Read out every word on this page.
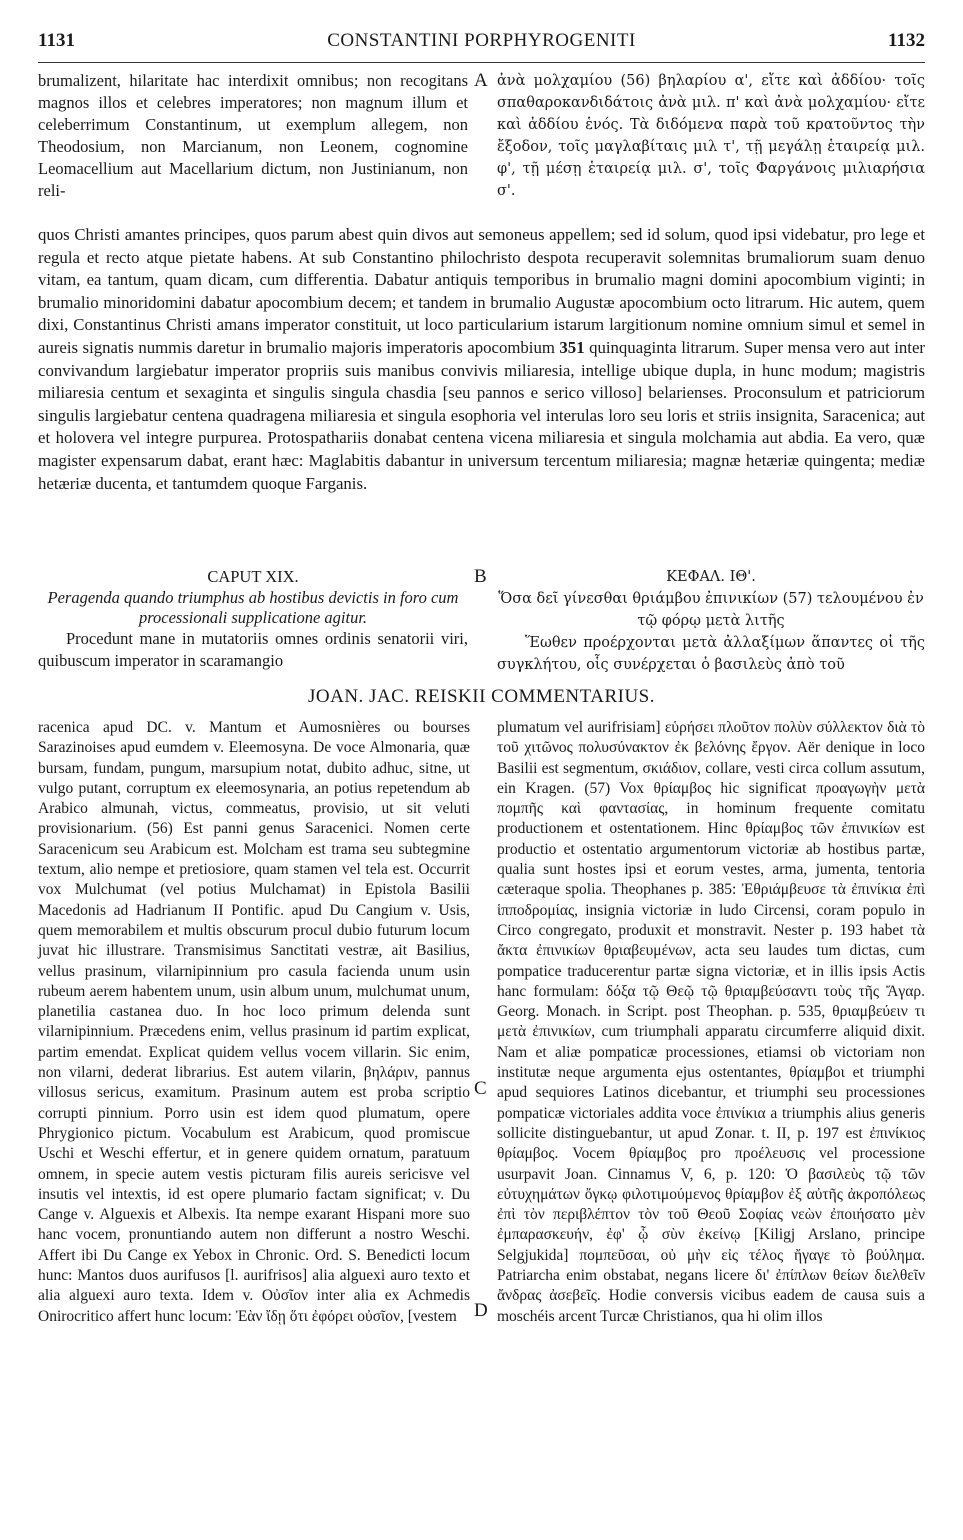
1131	CONSTANTINI PORPHYROGENITI	1132

brumalizent, hilaritate hac interdixit omnibus; non recogitans magnos illos et celebres imperatores; non magnum illum et celeberrimum Constantinum, ut exemplum allegem, non Theodosium, non Marcianum, non Leonem, cognomine Leomacellium aut Macellarium dictum, non Justinianum, non reli-

A ἀνὰ μολχαμίου (56) βηλαρίου α', εἴτε καὶ ἀδδίου· τοῖς σπαθαροκανδιδάτοις ἀνὰ μιλ. π' καὶ ἀνὰ μολχαμίου· εἴτε καὶ ἀδδίου ἑνός. Τὰ διδόμενα παρὰ τοῦ κρατοῦντος τὴν ἔξοδον, τοῖς μαγλαβίταις μιλ τ', τῇ μεγάλῃ ἑταιρείᾳ μιλ. φ', τῇ μέσῃ ἑταιρείᾳ μιλ. σ', τοῖς Φαργάνοις μιλιαρήσια σ'.

quos Christi amantes principes, quos parum abest quin divos aut semoneus appellem; sed id solum, quod ipsi videbatur, pro lege et regula et recto atque pietate habens. At sub Constantino philochristo despota recuperavit solemnitas brumaliorum suam denuo vitam, ea tantum, quam dicam, cum differentia. Dabatur antiquis temporibus in brumalio magni domini apocombium viginti; in brumalio minoridomini dabatur apocombium decem; et tandem in brumalio Augustæ apocombium octo litrarum. Hic autem, quem dixi, Constantinus Christi amans imperator constituit, ut loco particularium istarum largitionum nomine omnium simul et semel in aureis signatis nummis daretur in brumalio majoris imperatoris apocombium 351 quinquaginta litrarum. Super mensa vero aut inter convivandum largiebatur imperator propriis suis manibus convivis miliaresia, intellige ubique dupla, in hunc modum; magistris miliaresia centum et sexaginta et singulis singula chasdia [seu pannos e serico villoso] belarienses. Proconsulum et patriciorum singulis largiebatur centena quadragena miliaresia et singula esophoria vel interulas loro seu loris et striis insignita, Saracenica; aut et holovera vel integre purpurea. Protospathariis donabat centena vicena miliaresia et singula molchamia aut abdia. Ea vero, quæ magister expensarum dabat, erant hæc: Maglabitis dabantur in universum tercentum miliaresia; magnæ hetæriæ quingenta; mediæ hetæriæ ducenta, et tantumdem quoque Farganis.

CAPUT XIX.

Peragenda quando triumphus ab hostibus devictis in foro cum processionali supplicatione agitur.

Procedunt mane in mutatoriis omnes ordinis senatorii viri, quibuscum imperator in scaramangio

B	ΚΕΦΑΛ. ΙΘ'.

Ὅσα δεῖ γίνεσθαι θριάμβου ἐπινικίων (57) τελουμένου ἐν τῷ φόρῳ μετὰ λιτῆς

Ἕωθεν προέρχονται μετὰ ἀλλαξίμων ἅπαντες οἱ τῆς συγκλήτου, οἷς συνέρχεται ὁ βασιλεὺς ἀπὸ τοῦ

JOAN. JAC. REISKII COMMENTARIUS.

racenica apud DC. v. Mantum et Aumosnières ou bourses Sarazinoises apud eumdem v. Eleemosyna. De voce Almonaria, quæ bursam, fundam, pungum, marsupium notat, dubito adhuc, sitne, ut vulgo putant, corruptum ex eleemosynaria, an potius repetendum ab Arabico almunah, victus, commeatus, provisio, ut sit veluti provisionarium. (56) Est panni genus Saracenici. Nomen certe Saracenicum seu Arabicum est. Molcham est trama seu subtegmine textum, alio nempe et pretiosiore, quam stamen vel tela est. Occurrit vox Mulchumat (vel potius Mulchamat) in Epistola Basilii Macedonis ad Hadrianum II Pontific. apud Du Cangium v. Usis, quem memorabilem et multis obscurum procul dubio futurum locum juvat hic illustrare. Transmisimus Sanctitati vestræ, ait Basilius, vellus prasinum, vilarnipinnium pro casula facienda unum usin rubeum aerem habentem unum, usin album unum, mulchumat unum, planetilia castanea duo. In hoc loco primum delenda sunt vilarnipinnium. Præcedens enim, vellus prasinum id partim explicat, partim emendat. Explicat quidem vellus vocem villarin. Sic enim, non vilarni, dederat librarius. Est autem vilarin, βηλάριν, pannus villosus sericus, examitum. Prasinum autem est proba scriptio corrupti pinnium. Porro usin est idem quod plumatum, opere Phrygionico pictum. Vocabulum est Arabicum, quod promiscue Uschi et Weschi effertur, et in genere quidem ornatum, paratuum omnem, in specie autem vestis picturam filis aureis sericisve vel insutis vel intextis, id est opere plumario factam significat; v. Du Cange v. Alguexis et Albexis. Ita nempe exarant Hispani more suo hanc vocem, pronuntiando autem non differunt a nostro Weschi. Affert ibi Du Cange ex Yebox in Chronic. Ord. S. Benedicti locum hunc: Mantos duos aurifusos [l. aurifrisos] alia alguexi auro texto et alia alguexi auro texta. Idem v. Οὐσῖον inter alia ex Achmedis Onirocritico affert hunc locum: Ἐὰν ἴδῃ ὅτι ἐφόρει οὐσῖον, [vestem

C
D

plumatum vel aurifrisiam] εὑρήσει πλοῦτον πολὺν σύλλεκτον διὰ τὸ τοῦ χιτῶνος πολυσύνακτον ἐκ βελόνης ἔργον. Aër denique in loco Basilii est segmentum, σκιάδιον, collare, vesti circa collum assutum, ein Kragen. (57) Vox θρίαμβος hic significat προαγωγὴν μετὰ πομπῆς καὶ φαντασίας, in hominum frequente comitatu productionem et ostentationem. Hinc θρίαμβος τῶν ἐπινικίων est productio et ostentatio argumentorum victoriæ ab hostibus partæ, qualia sunt hostes ipsi et eorum vestes, arma, jumenta, tentoria cæteraque spolia. Theophanes p. 385: Ἐθριάμβευσε τὰ ἐπινίκια ἐπὶ ἱπποδρομίας, insignia victoriæ in ludo Circensi, coram populo in Circo congregato, produxit et monstravit. Nester p. 193 habet τὰ ἄκτα ἐπινικίων θριαβευμένων, acta seu laudes tum dictas, cum pompatice traducerentur partæ signa victoriæ, et in illis ipsis Actis hanc formulam: δόξα τῷ Θεῷ τῷ θριαμβεύσαντι τοὺς τῆς Ἄγαρ. Georg. Monach. in Script. post Theophan. p. 535, θριαμβεύειν τι μετὰ ἐπινικίων, cum triumphali apparatu circumferre aliquid dixit. Nam et aliæ pompaticæ processiones, etiamsi ob victoriam non institutæ neque argumenta ejus ostentantes, θρίαμβοι et triumphi apud sequiores Latinos dicebantur, et triumphi seu processiones pompaticæ victoriales addita voce ἐπινίκια a triumphis alius generis sollicite distinguebantur, ut apud Zonar. t. II, p. 197 est ἐπινίκιος θρίαμβος. Vocem θρίαμβος pro προέλευσις vel processione usurpavit Joan. Cinnamus V, 6, p. 120: Ὁ βασιλεὺς τῷ τῶν εὐτυχημάτων ὄγκῳ φιλοτιμούμενος θρίαμβον ἐξ αὐτῆς ἀκροπόλεως ἐπὶ τὸν περιβλέπτον τὸν τοῦ Θεοῦ Σοφίας νεὼν ἐποιήσατο μὲν ἐμπαρασκευήν, ἐφ' ᾧ σὺν ἐκείνῳ [Kiligj Arslano, principe Selgjukida] πομπεῦσαι, οὐ μὴν εἰς τέλος ἤγαγε τὸ βούλημα. Patriarcha enim obstabat, negans licere δι' ἐπίπλων θείων διελθεῖν ἄνδρας ἀσεβεῖς. Hodie conversis vicibus eadem de causa suis a moschéis arcent Turcæ Christianos, qua hi olim illos
